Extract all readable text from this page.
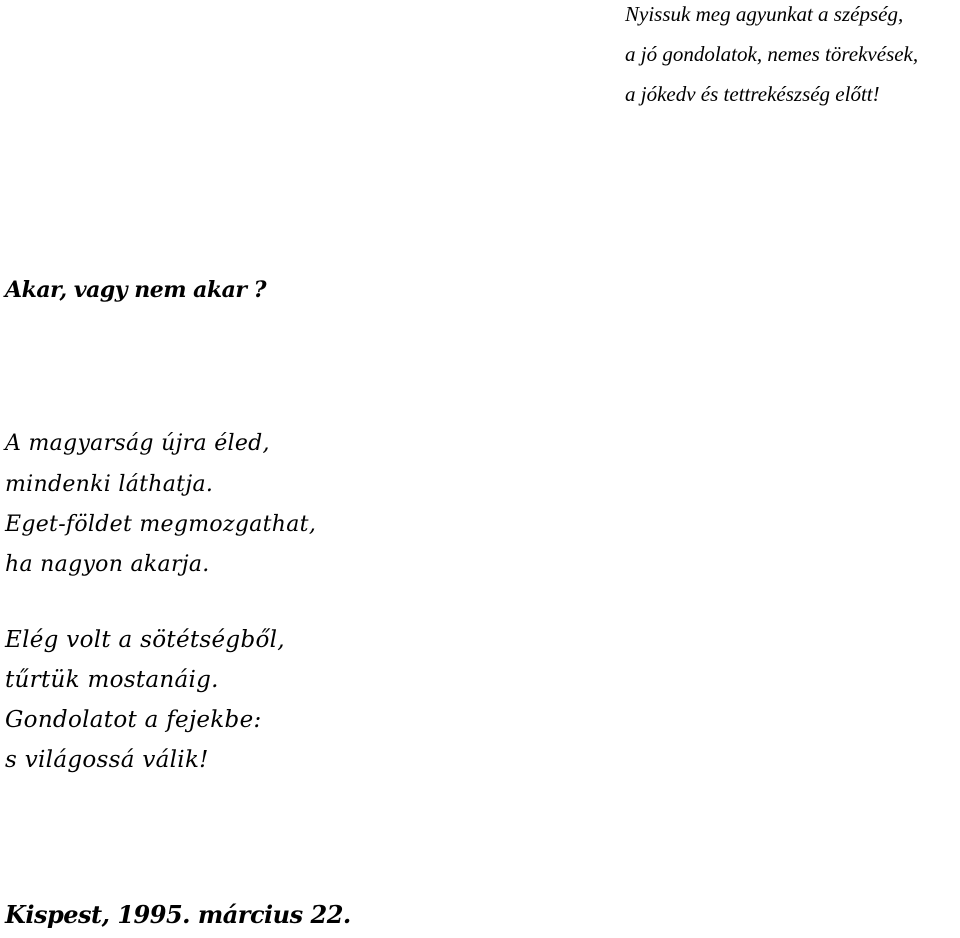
Nyissuk meg agyunkat a szépség,
a jó gondolatok, nemes törekvések,
a jókedv és tettrekészség előtt!
Akar, vagy nem akar ?
A magyarság újra éled,
mindenki láthatja.
Eget-földet megmozgathat,
ha nagyon akarja.
Elég volt a sötétségből,
tűrtük mostanáig.
Gondolatot a fejekbe:
s világossá válik!
Kispest, 1995. március 22.
